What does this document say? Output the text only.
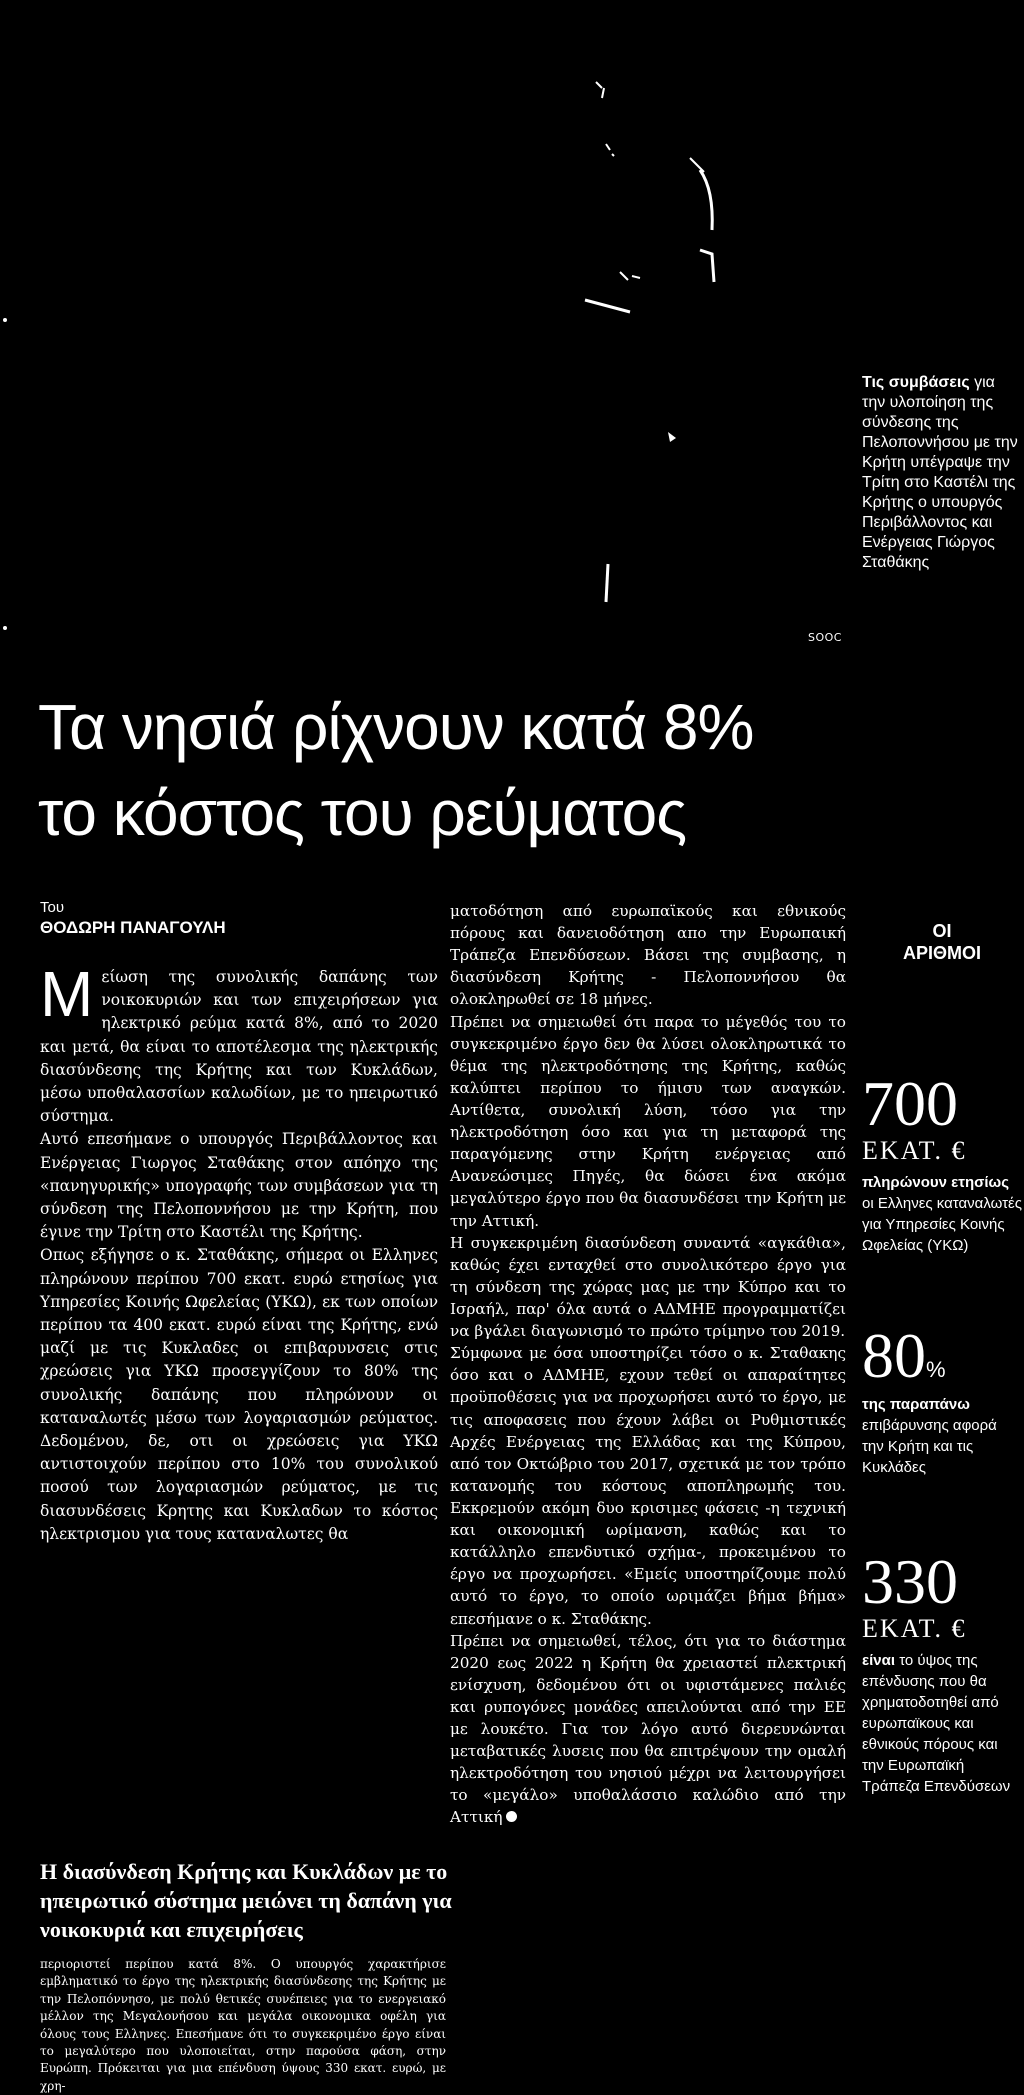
SOOC
Τις συμβάσεις για την υλοποίηση της σύνδεσης της Πελοποννήσου με την Κρήτη υπέγραψε την Τρίτη στο Καστέλι της Κρήτης ο υπουργός Περιβάλλοντος και Ενέργειας Γιώργος Σταθάκης
Τα νησιά ρίχνουν κατά 8%
το κόστος του ρεύματος
Του
ΘΟΔΩΡΗ ΠΑΝΑΓΟΥΛΗ

Μείωση της συνολικής δαπάνης των νοικοκυριών και των επιχειρήσεων για ηλεκτρικό ρεύμα κατά 8%, από το 2020 και μετά, θα είναι το αποτέλεσμα της ηλεκτρικής διασύνδεσης της Κρήτης και των Κυκλάδων, μέσω υποθαλασσίων καλωδίων, με το ηπειρωτικό σύστημα.

Αυτό επεσήμανε ο υπουργός Περιβάλλοντος και Ενέργειας Γιωργος Σταθάκης στον απόηχο της «πανηγυρικής» υπογραφής των συμβάσεων για τη σύνδεση της Πελοποννήσου με την Κρήτη, που έγινε την Τρίτη στο Καστέλι της Κρήτης.

Οπως εξήγησε ο κ. Σταθάκης, σήμερα οι Ελληνες πληρώνουν περίπου 700 εκατ. ευρώ ετησίως για Υπηρεσίες Κοινής Ωφελείας (ΥΚΩ), εκ των οποίων περίπου τα 400 εκατ. ευρώ είναι της Κρήτης, ενώ μαζί με τις Κυκλαδες οι επιβαρυνσεις στις χρεώσεις για ΥΚΩ προσεγγίζουν το 80% της συνολικής δαπάνης που πληρώνουν οι καταναλωτές μέσω των λογαριασμών ρεύματος. Δεδομένου, δε, οτι οι χρεώσεις για ΥΚΩ αντιστοιχούν περίπου στο 10% του συνολικού ποσού των λογαριασμών ρεύματος, με τις διασυνδέσεις Κρητης και Κυκλαδων το κόστος ηλεκτρισμου για τους καταναλωτες θα

Η διασύνδεση Κρήτης και Κυκλάδων με το ηπειρωτικό σύστημα μειώνει τη δαπάνη για νοικοκυριά και επιχειρήσεις

περιοριστεί περίπου κατά 8%. Ο υπουργός χαρακτήρισε εμβληματικό το έργο της ηλεκτρικής διασύνδεσης της Κρήτης με την Πελοπόννησο, με πολύ θετικές συνέπειες για το ενεργειακό μέλλον της Μεγαλονήσου και μεγάλα οικονομικα οφέλη για όλους τους Ελληνες. Επεσήμανε ότι το συγκεκριμένο έργο είναι το μεγαλύτερο που υλοποιείται, στην παρούσα φάση, στην Ευρώπη. Πρόκειται για μια επένδυση ύψους 330 εκατ. ευρώ, με χρη-

ματοδότηση από ευρωπαϊκούς και εθνικούς πόρους και δανειοδότηση απο την Ευρωπαική Τράπεζα Επενδύσεων. Βάσει της συμβασης, η διασύνδεση Κρήτης - Πελοποννήσου θα ολοκληρωθεί σε 18 μήνες.

Πρέπει να σημειωθεί ότι παρα το μέγεθός του το συγκεκριμένο έργο δεν θα λύσει ολοκληρωτικά το θέμα της ηλεκτροδότησης της Κρήτης, καθώς καλύπτει περίπου το ήμισυ των αναγκών. Αντίθετα, συνολική λύση, τόσο για την ηλεκτροδότηση όσο και για τη μεταφορά της παραγόμενης στην Κρήτη ενέργειας από Ανανεώσιμες Πηγές, θα δώσει ένα ακόμα μεγαλύτερο έργο που θα διασυνδέσει την Κρήτη με την Αττική.

Η συγκεκριμένη διασύνδεση συναντά «αγκάθια», καθώς έχει ενταχθεί στο συνολικότερο έργο για τη σύνδεση της χώρας μας με την Κύπρο και το Ισραήλ, παρ' όλα αυτά ο ΑΔΜΗΕ προγραμματίζει να βγάλει διαγωνισμό το πρώτο τρίμηνο του 2019.

Σύμφωνα με όσα υποστηρίζει τόσο ο κ. Σταθακης όσο και ο ΑΔΜΗΕ, εχουν τεθεί οι απαραίτητες προϋποθέσεις για να προχωρήσει αυτό το έργο, με τις αποφασεις που έχουν λάβει οι Ρυθμιστικές Αρχές Ενέργειας της Ελλάδας και της Κύπρου, από τον Οκτώβριο του 2017, σχετικά με τον τρόπο κατανομής του κόστους αποπληρωμής του. Εκκρεμούν ακόμη δυο κρισιμες φάσεις -η τεχνική και οικονομική ωρίμανση, καθώς και το κατάλληλο επενδυτικό σχήμα-, προκειμένου το έργο να προχωρήσει. «Εμείς υποστηρίζουμε πολύ αυτό το έργο, το οποίο ωριμάζει βήμα βήμα» επεσήμανε ο κ. Σταθάκης.

Πρέπει να σημειωθεί, τέλος, ότι για το διάστημα 2020 εως 2022 η Κρήτη θα χρειαστεί πλεκτρική ενίσχυση, δεδομένου ότι οι υφιστάμενες παλιές και ρυπογόνες μονάδες απειλούνται από την ΕΕ με λουκέτο. Για τον λόγο αυτό διερευνώνται μεταβατικές λυσεις που θα επιτρέψουν την ομαλή ηλεκτροδότηση του νησιού μέχρι να λειτουργήσει το «μεγάλο» υποθαλάσσιο καλώδιο από την Αττική

ΟΙ
ΑΡΙΘΜΟΙ
700
ΕΚΑΤ. €
πληρώνουν ετησίως οι Ελληνες καταναλωτές για Υπηρεσίες Κοινής Ωφελείας (ΥΚΩ)
80%
της παραπάνω επιβάρυνσης αφορά την Κρήτη και τις Κυκλάδες
330
ΕΚΑΤ. €
είναι το ύψος της επένδυσης που θα χρηματοδοτηθεί από ευρωπαϊκους και εθνικούς πόρους και την Ευρωπαϊκή Τράπεζα Επενδύσεων
